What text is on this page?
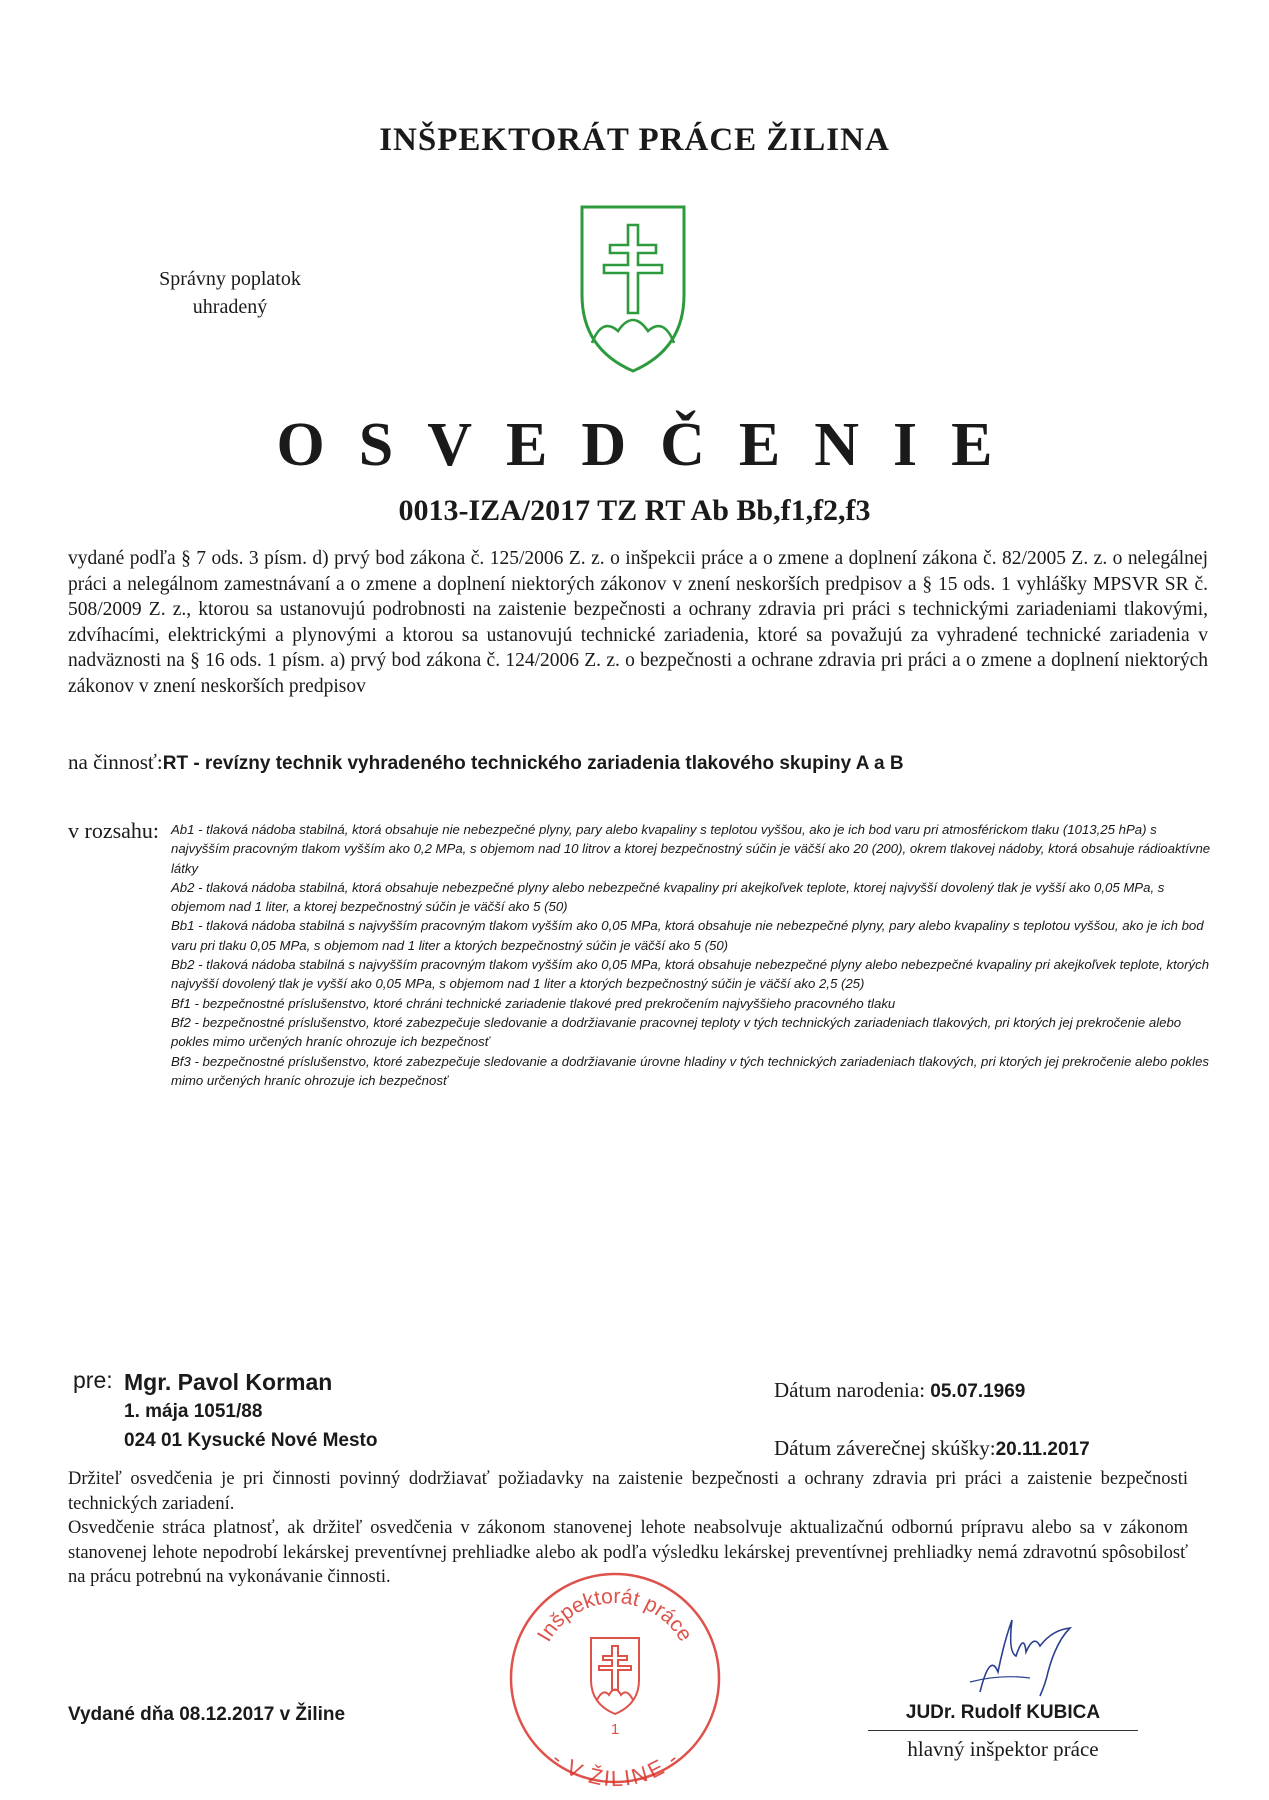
INŠPEKTORÁT PRÁCE ŽILINA
Správny poplatok
uhradený
OSVEDČENIE
0013-IZA/2017 TZ RT Ab Bb,f1,f2,f3
vydané podľa § 7 ods. 3 písm. d) prvý bod zákona č. 125/2006 Z. z. o inšpekcii práce a o zmene a doplnení zákona č. 82/2005 Z. z. o nelegálnej práci a nelegálnom zamestnávaní a o zmene a doplnení niektorých zákonov v znení neskorších predpisov a § 15 ods. 1 vyhlášky MPSVR SR č. 508/2009 Z. z., ktorou sa ustanovujú podrobnosti na zaistenie bezpečnosti a ochrany zdravia pri práci s technickými zariadeniami tlakovými, zdvíhacími, elektrickými a plynovými a ktorou sa ustanovujú technické zariadenia, ktoré sa považujú za vyhradené technické zariadenia v nadväznosti na § 16 ods. 1 písm. a) prvý bod zákona č. 124/2006 Z. z. o bezpečnosti a ochrane zdravia pri práci a o zmene a doplnení niektorých zákonov v znení neskorších predpisov
na činnosť:RT - revízny technik vyhradeného technického zariadenia tlakového skupiny A a B
v rozsahu: Ab1 - tlaková nádoba stabilná, ktorá obsahuje nie nebezpečné plyny, pary alebo kvapaliny s teplotou vyššou, ako je ich bod varu pri atmosférickom tlaku (1013,25 hPa) s najvyšším pracovným tlakom vyšším ako 0,2 MPa, s objemom nad 10 litrov a ktorej bezpečnostný súčin je väčší ako 20 (200), okrem tlakovej nádoby, ktorá obsahuje rádioaktívne látky

Ab2 - tlaková nádoba stabilná, ktorá obsahuje nebezpečné plyny alebo nebezpečné kvapaliny pri akejkoľvek teplote, ktorej najvyšší dovolený tlak je vyšší ako 0,05 MPa, s objemom nad 1 liter, a ktorej bezpečnostný súčin je väčší ako 5 (50)

Bb1 - tlaková nádoba stabilná s najvyšším pracovným tlakom vyšším ako 0,05 MPa, ktorá obsahuje nie nebezpečné plyny, pary alebo kvapaliny s teplotou vyššou, ako je ich bod varu pri tlaku 0,05 MPa, s objemom nad 1 liter a ktorých bezpečnostný súčin je väčší ako 5 (50)

Bb2 - tlaková nádoba stabilná s najvyšším pracovným tlakom vyšším ako 0,05 MPa, ktorá obsahuje nebezpečné plyny alebo nebezpečné kvapaliny pri akejkoľvek teplote, ktorých najvyšší dovolený tlak je vyšší ako 0,05 MPa, s objemom nad 1 liter a ktorých bezpečnostný súčin je väčší ako 2,5 (25)

Bf1 - bezpečnostné príslušenstvo, ktoré chráni technické zariadenie tlakové pred prekročením najvyššieho pracovného tlaku

Bf2 - bezpečnostné príslušenstvo, ktoré zabezpečuje sledovanie a dodržiavanie pracovnej teploty v tých technických zariadeniach tlakových, pri ktorých jej prekročenie alebo pokles mimo určených hraníc ohrozuje ich bezpečnosť

Bf3 - bezpečnostné príslušenstvo, ktoré zabezpečuje sledovanie a dodržiavanie úrovne hladiny v tých technických zariadeniach tlakových, pri ktorých jej prekročenie alebo pokles mimo určených hraníc ohrozuje ich bezpečnosť

pre: Mgr. Pavol Korman
1. mája 1051/88
024 01 Kysucké Nové Mesto
Dátum narodenia: 05.07.1969
Dátum záverečnej skúšky:20.11.2017

Držiteľ osvedčenia je pri činnosti povinný dodržiavať požiadavky na zaistenie bezpečnosti a ochrany zdravia pri práci a zaistenie bezpečnosti technických zariadení.

Osvedčenie stráca platnosť, ak držiteľ osvedčenia v zákonom stanovenej lehote neabsolvuje aktualizačnú odbornú prípravu alebo sa v zákonom stanovenej lehote nepodrobí lekárskej preventívnej prehliadke alebo ak podľa výsledku lekárskej preventívnej prehliadky nemá zdravotnú spôsobilosť na prácu potrebnú na vykonávanie činnosti.

Vydané dňa 08.12.2017 v Žiline
Inšpektorát práce
- V ŽILINE -
1
JUDr. Rudolf KUBICA
hlavný inšpektor práce
